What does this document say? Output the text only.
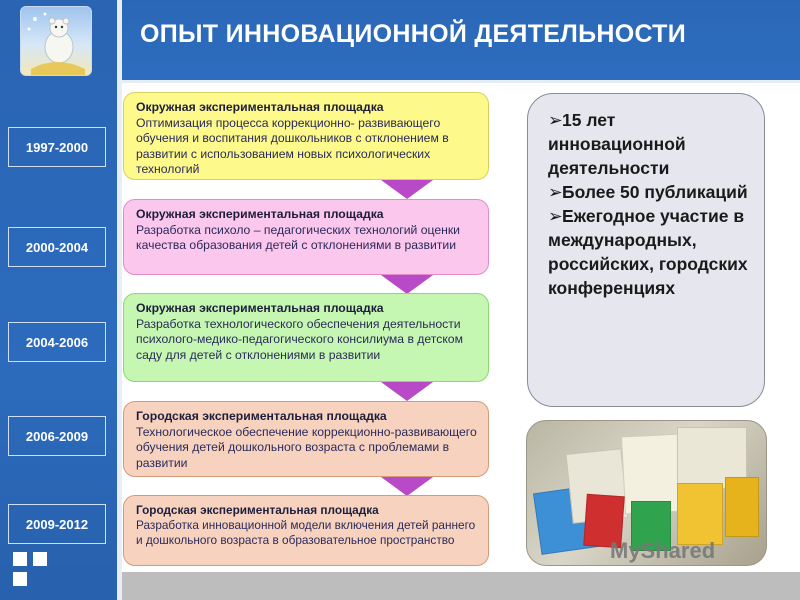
1997-2000
2000-2004
2004-2006
2006-2009
2009-2012
ОПЫТ ИННОВАЦИОННОЙ ДЕЯТЕЛЬНОСТИ
Окружная экспериментальная площадка
Оптимизация процесса коррекционно- развивающего обучения и воспитания дошкольников с отклонением в развитии с использованием новых психологических технологий
Окружная экспериментальная площадка
Разработка психоло – педагогических технологий оценки качества образования детей с отклонениями в развитии
Окружная экспериментальная площадка
Разработка технологического обеспечения деятельности психолого-медико-педагогического консилиума в детском саду для детей с отклонениями в развитии
Городская экспериментальная площадка
Технологическое обеспечение коррекционно-развивающего обучения детей дошкольного возраста с проблемами в развитии
Городская экспериментальная площадка
Разработка инновационной модели включения детей раннего и дошкольного возраста в образовательное пространство
➢15 лет инновационной деятельности
➢Более 50 публикаций
➢Ежегодное участие в международных, российских, городских конференциях
MyShared
